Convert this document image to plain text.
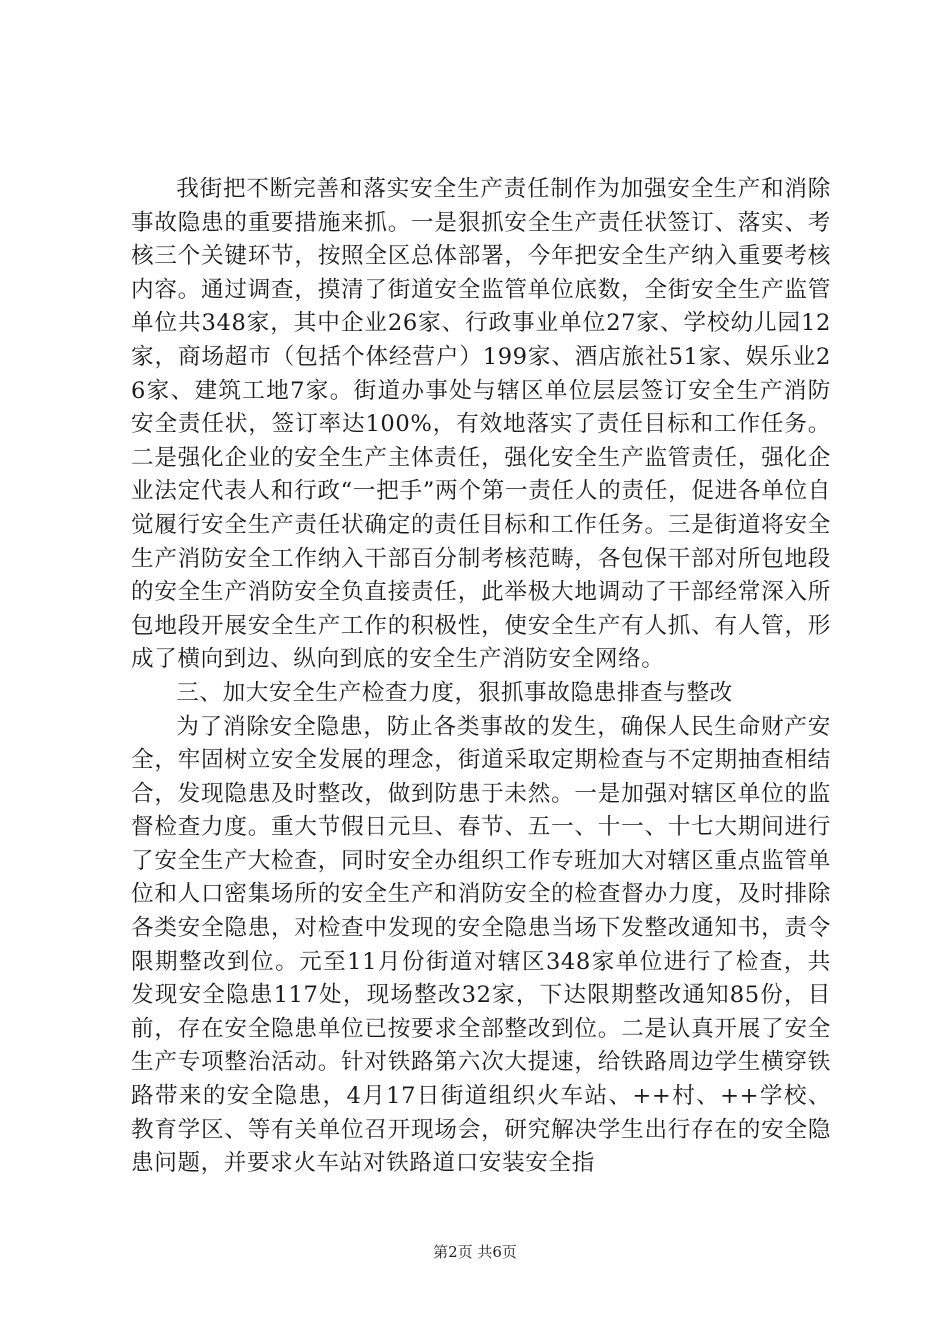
我街把不断完善和落实安全生产责任制作为加强安全生产和消除事故隐患的重要措施来抓。一是狠抓安全生产责任状签订、落实、考核三个关键环节，按照全区总体部署，今年把安全生产纳入重要考核内容。通过调查，摸清了街道安全监管单位底数，全街安全生产监管单位共348家，其中企业26家、行政事业单位27家、学校幼儿园12家，商场超市（包括个体经营户）199家、酒店旅社51家、娱乐业26家、建筑工地7家。街道办事处与辖区单位层层签订安全生产消防安全责任状，签订率达100%，有效地落实了责任目标和工作任务。二是强化企业的安全生产主体责任，强化安全生产监管责任，强化企业法定代表人和行政“一把手”两个第一责任人的责任，促进各单位自觉履行安全生产责任状确定的责任目标和工作任务。三是街道将安全生产消防安全工作纳入干部百分制考核范畴，各包保干部对所包地段的安全生产消防安全负直接责任，此举极大地调动了干部经常深入所包地段开展安全生产工作的积极性，使安全生产有人抓、有人管，形成了横向到边、纵向到底的安全生产消防安全网络。

三、加大安全生产检查力度，狠抓事故隐患排查与整改

为了消除安全隐患，防止各类事故的发生，确保人民生命财产安全，牢固树立安全发展的理念，街道采取定期检查与不定期抽查相结合，发现隐患及时整改，做到防患于未然。一是加强对辖区单位的监督检查力度。重大节假日元旦、春节、五一、十一、十七大期间进行了安全生产大检查，同时安全办组织工作专班加大对辖区重点监管单位和人口密集场所的安全生产和消防安全的检查督办力度，及时排除各类安全隐患，对检查中发现的安全隐患当场下发整改通知书，责令限期整改到位。元至11月份街道对辖区348家单位进行了检查，共发现安全隐患117处，现场整改32家，下达限期整改通知85份，目前，存在安全隐患单位已按要求全部整改到位。二是认真开展了安全生产专项整治活动。针对铁路第六次大提速，给铁路周边学生横穿铁路带来的安全隐患，4月17日街道组织火车站、++村、++学校、教育学区、等有关单位召开现场会，研究解决学生出行存在的安全隐患问题，并要求火车站对铁路道口安装安全指

第2页 共6页
